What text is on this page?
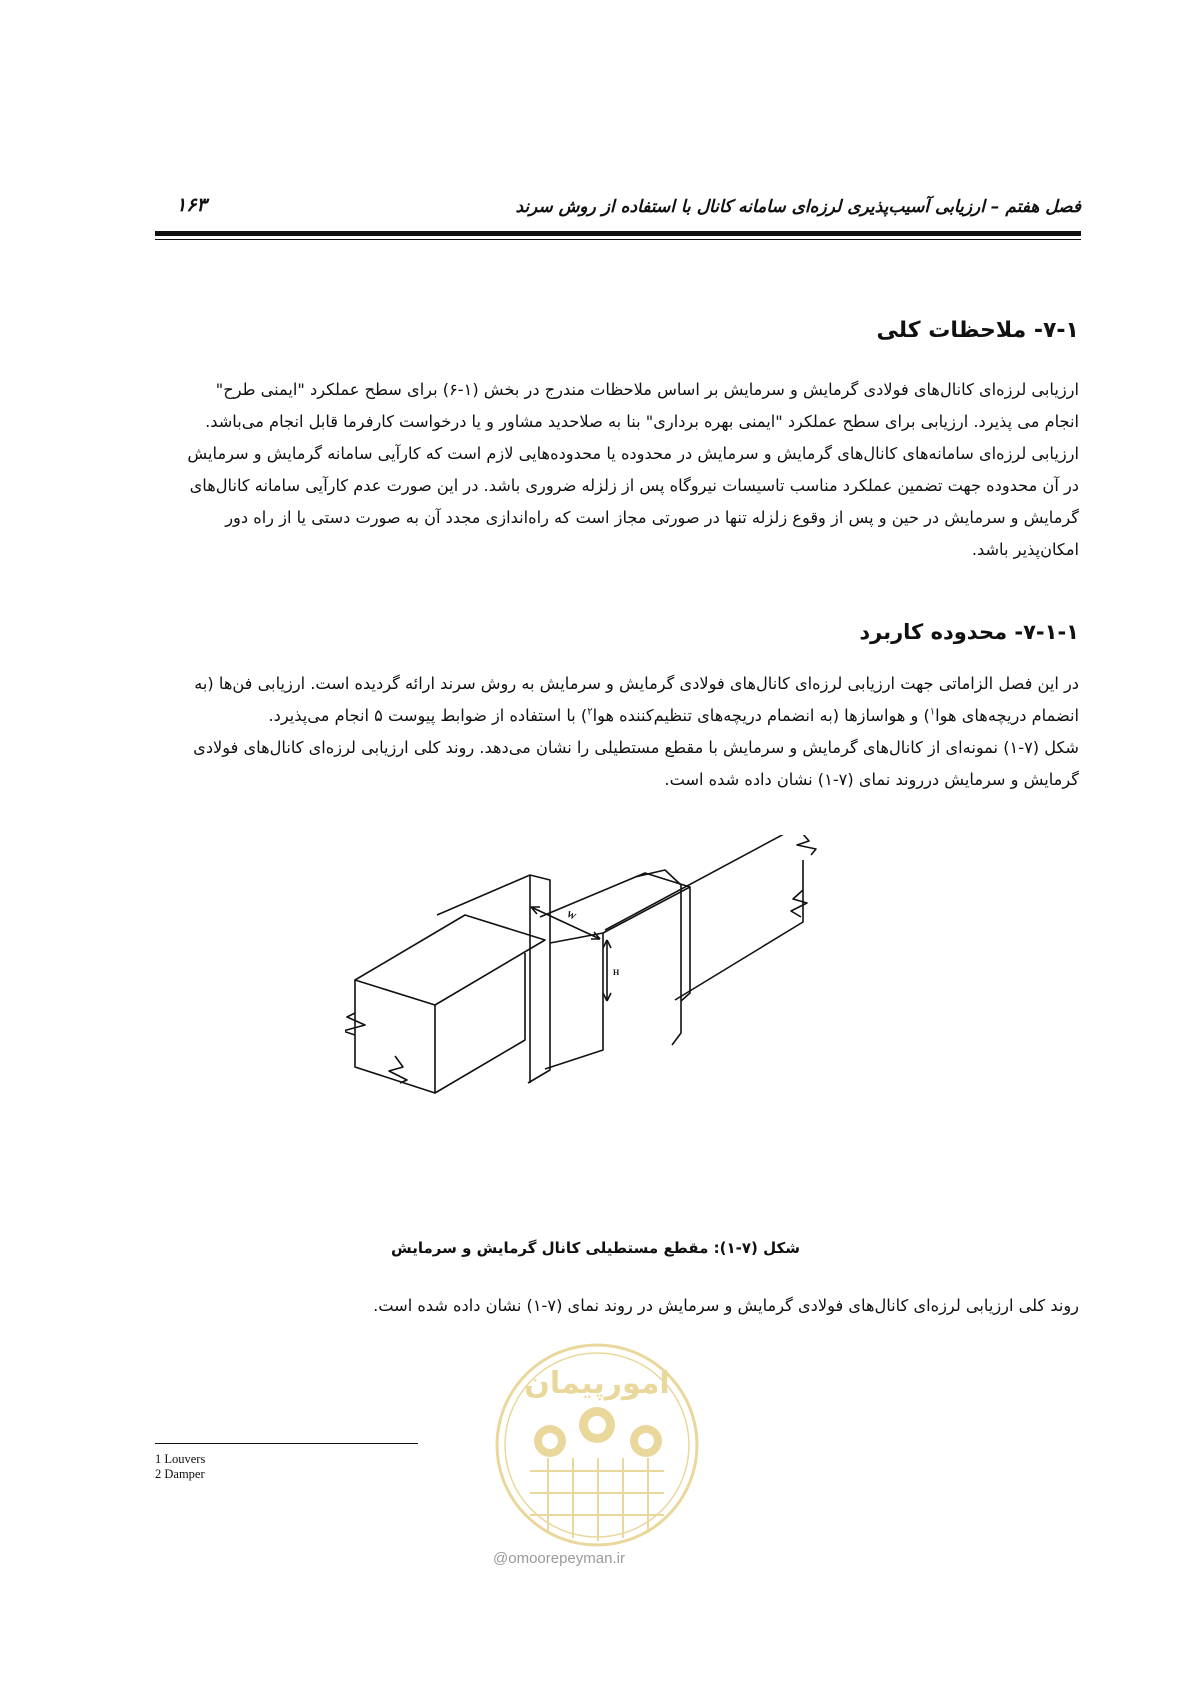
فصل هفتم – ارزیابی آسیب‌پذیری لرزه‌ای سامانه کانال با استفاده از روش سرند
۱۶۳
۷-۱- ملاحظات کلی
ارزیابی لرزه‌ای کانال‌های فولادی گرمایش و سرمایش بر اساس ملاحظات مندرج در بخش (۱-۶) برای سطح عملکرد "ایمنی طرح"
انجام می پذیرد. ارزیابی برای سطح عملکرد "ایمنی بهره برداری" بنا به صلاحدید مشاور و یا درخواست کارفرما قابل انجام می‌باشد.
ارزیابی لرزه‌ای سامانه‌های کانال‌های گرمایش و سرمایش در محدوده یا محدوده‌هایی لازم است که کارآیی سامانه گرمایش و سرمایش
در آن محدوده جهت تضمین عملکرد مناسب تاسیسات نیروگاه پس از زلزله ضروری باشد. در این صورت عدم کارآیی سامانه کانال‌های
گرمایش و سرمایش در حین و پس از وقوع زلزله تنها در صورتی مجاز است که راه‌اندازی مجدد آن به صورت دستی یا از راه دور
امکان‌پذیر باشد.
۷-۱-۱- محدوده کاربرد
در این فصل الزاماتی جهت ارزیابی لرزه‌ای کانال‌های فولادی گرمایش و سرمایش به روش سرند ارائه گردیده است. ارزیابی فن‌ها (به
انضمام دریچه‌های هوا$^۱$) و هواسازها (به انضمام دریچه‌های تنظیم‌کننده هوا$^۲$) با استفاده از ضوابط پیوست ۵ انجام می‌پذیرد.
شکل (۷-۱) نمونه‌ای از کانال‌های گرمایش و سرمایش با مقطع مستطیلی را نشان می‌دهد. روند کلی ارزیابی لرزه‌ای کانال‌های فولادی
گرمایش و سرمایش درروند نمای (۷-۱) نشان داده شده است.
W
H
شکل (۷-۱): مقطع مستطیلی کانال گرمایش و سرمایش
روند کلی ارزیابی لرزه‌ای کانال‌های فولادی گرمایش و سرمایش در روند نمای (۷-۱) نشان داده شده است.
1 Louvers
2 Damper
امورپیمان
@omoorepeyman.ir
